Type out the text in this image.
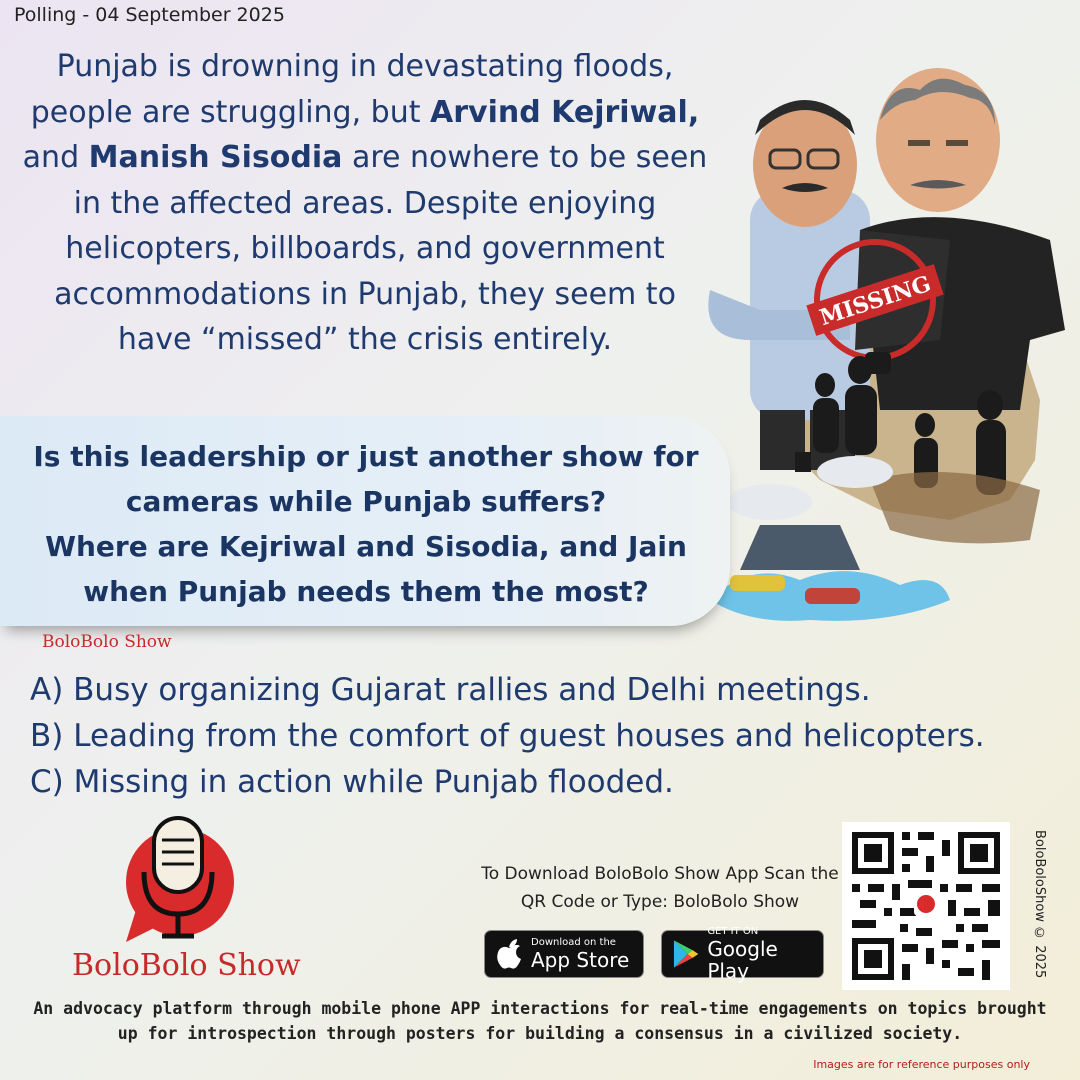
Polling - 04 September 2025
Punjab is drowning in devastating floods, people are struggling, but Arvind Kejriwal, and Manish Sisodia are nowhere to be seen in the affected areas. Despite enjoying helicopters, billboards, and government accommodations in Punjab, they seem to have “missed” the crisis entirely.
MISSING
Is this leadership or just another show for cameras while Punjab suffers?
Where are Kejriwal and Sisodia, and Jain when Punjab needs them the most?
BoloBolo Show
A) Busy organizing Gujarat rallies and Delhi meetings.
B) Leading from the comfort of guest houses and helicopters.
C) Missing in action while Punjab flooded.
BoloBolo Show
To Download BoloBolo Show App Scan the QR Code or Type: BoloBolo Show
Download on the
App Store
GET IT ON
Google Play	BoloBoloShow © 2025
An advocacy platform through mobile phone APP interactions for real-time engagements on topics brought up for introspection through posters for building a consensus in a civilized society.
Images are for reference purposes only
